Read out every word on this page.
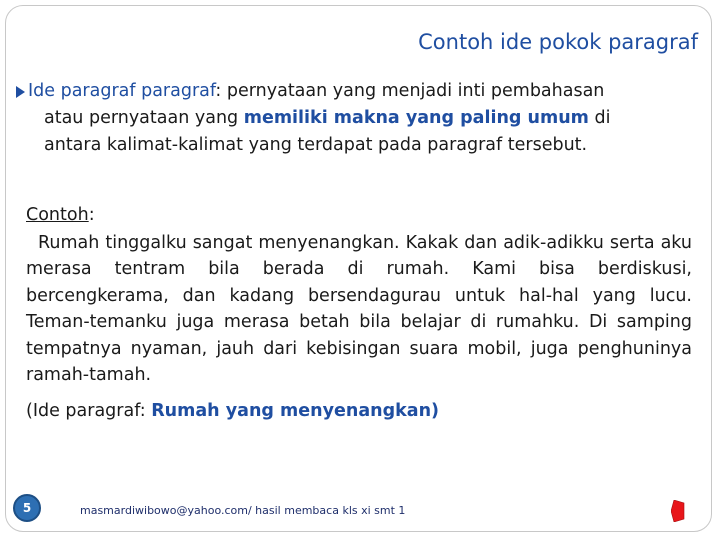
Contoh ide pokok paragraf
Ide paragraf paragraf: pernyataan yang menjadi inti pembahasan
atau pernyataan yang memiliki makna yang paling umum di
antara kalimat-kalimat yang terdapat pada paragraf tersebut.
Contoh:

Rumah tinggalku sangat menyenangkan. Kakak dan adik-adikku serta aku merasa tentram bila berada di rumah. Kami bisa berdiskusi, bercengkerama, dan kadang bersendagurau untuk hal-hal yang lucu. Teman-temanku juga merasa betah bila belajar di rumahku. Di samping tempatnya nyaman, jauh dari kebisingan suara mobil, juga penghuninya ramah-tamah.

(Ide paragraf: Rumah yang menyenangkan)
5	masmardiwibowo@yahoo.com/ hasil membaca kls xi smt 1
